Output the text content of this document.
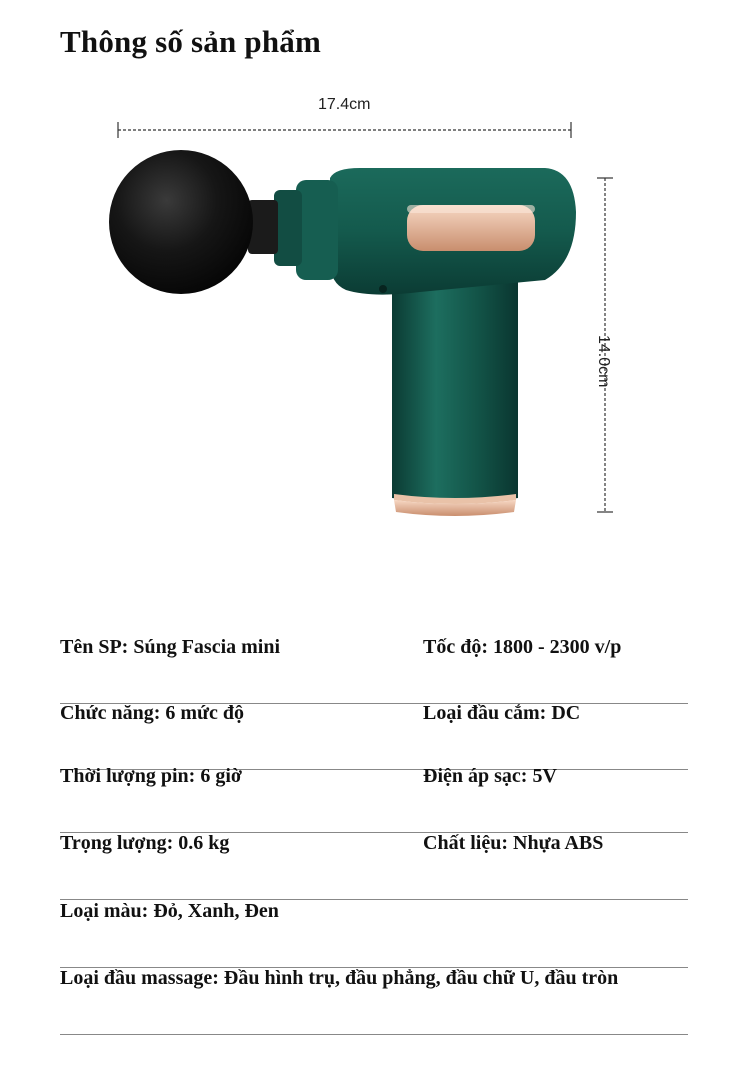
Thông số sản phẩm
17.4cm
14.0cm
Tên SP: Súng Fascia mini	Tốc độ: 1800 - 2300 v/p
Chức năng: 6 mức độ	Loại đầu cắm: DC
Thời lượng pin: 6 giờ	Điện áp sạc: 5V
Trọng lượng: 0.6 kg	Chất liệu: Nhựa ABS
Loại màu: Đỏ, Xanh, Đen
Loại đầu massage: Đầu hình trụ, đầu phẳng, đầu chữ U, đầu tròn
